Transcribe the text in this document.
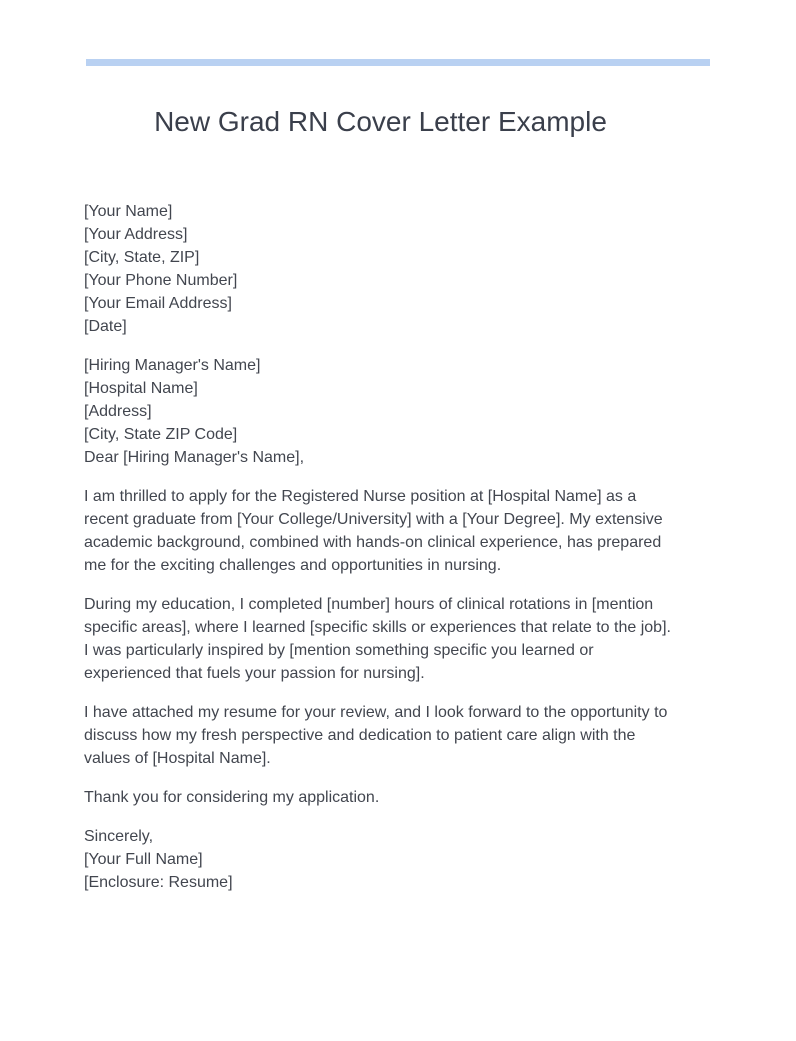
New Grad RN Cover Letter Example
[Your Name]
[Your Address]
[City, State, ZIP]
[Your Phone Number]
[Your Email Address]
[Date]
[Hiring Manager's Name]
[Hospital Name]
[Address]
[City, State ZIP Code]
Dear [Hiring Manager's Name],
I am thrilled to apply for the Registered Nurse position at [Hospital Name] as a
recent graduate from [Your College/University] with a [Your Degree]. My extensive
academic background, combined with hands-on clinical experience, has prepared
me for the exciting challenges and opportunities in nursing.
During my education, I completed [number] hours of clinical rotations in [mention
specific areas], where I learned [specific skills or experiences that relate to the job].
I was particularly inspired by [mention something specific you learned or
experienced that fuels your passion for nursing].
I have attached my resume for your review, and I look forward to the opportunity to
discuss how my fresh perspective and dedication to patient care align with the
values of [Hospital Name].
Thank you for considering my application.
Sincerely,
[Your Full Name]
[Enclosure: Resume]
